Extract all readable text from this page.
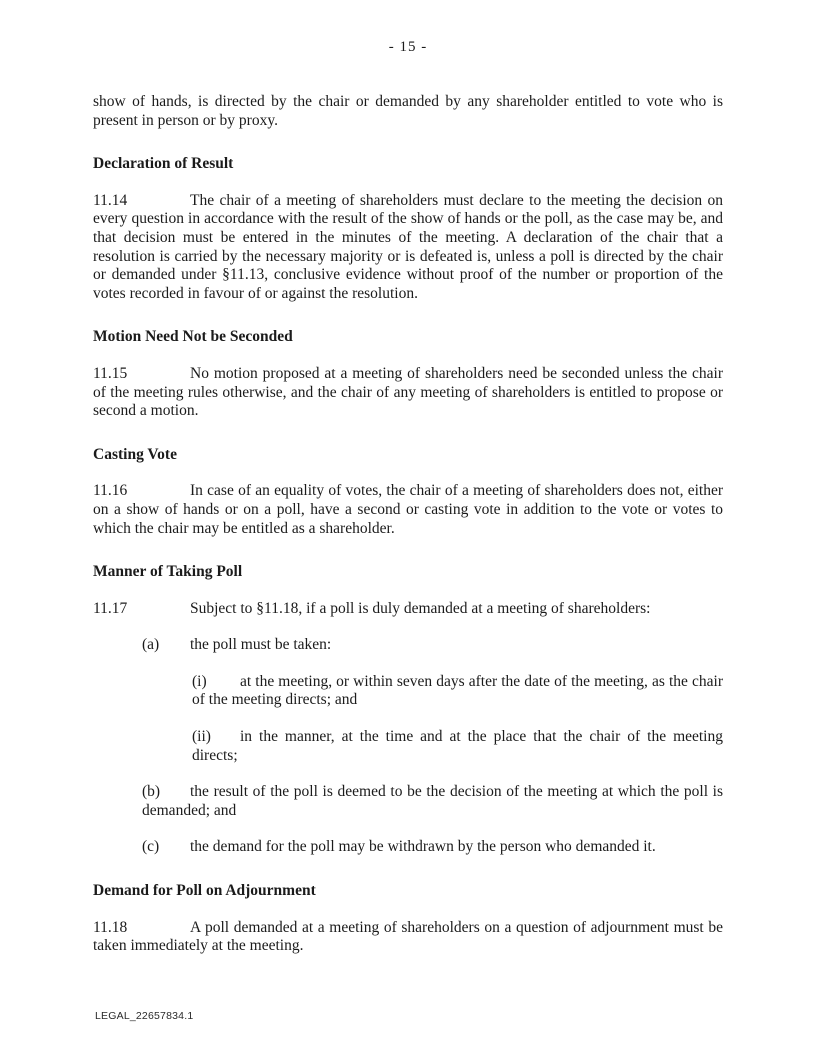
- 15 -

show of hands, is directed by the chair or demanded by any shareholder entitled to vote who is present in person or by proxy.

Declaration of Result

11.14	The chair of a meeting of shareholders must declare to the meeting the decision on every question in accordance with the result of the show of hands or the poll, as the case may be, and that decision must be entered in the minutes of the meeting. A declaration of the chair that a resolution is carried by the necessary majority or is defeated is, unless a poll is directed by the chair or demanded under §11.13, conclusive evidence without proof of the number or proportion of the votes recorded in favour of or against the resolution.

Motion Need Not be Seconded

11.15	No motion proposed at a meeting of shareholders need be seconded unless the chair of the meeting rules otherwise, and the chair of any meeting of shareholders is entitled to propose or second a motion.

Casting Vote

11.16	In case of an equality of votes, the chair of a meeting of shareholders does not, either on a show of hands or on a poll, have a second or casting vote in addition to the vote or votes to which the chair may be entitled as a shareholder.

Manner of Taking Poll

11.17	Subject to §11.18, if a poll is duly demanded at a meeting of shareholders:

(a) the poll must be taken:
(i) at the meeting, or within seven days after the date of the meeting, as the chair of the meeting directs; and
(ii) in the manner, at the time and at the place that the chair of the meeting directs;
(b) the result of the poll is deemed to be the decision of the meeting at which the poll is demanded; and
(c) the demand for the poll may be withdrawn by the person who demanded it.
Demand for Poll on Adjournment

11.18	A poll demanded at a meeting of shareholders on a question of adjournment must be taken immediately at the meeting.

LEGAL_22657834.1
